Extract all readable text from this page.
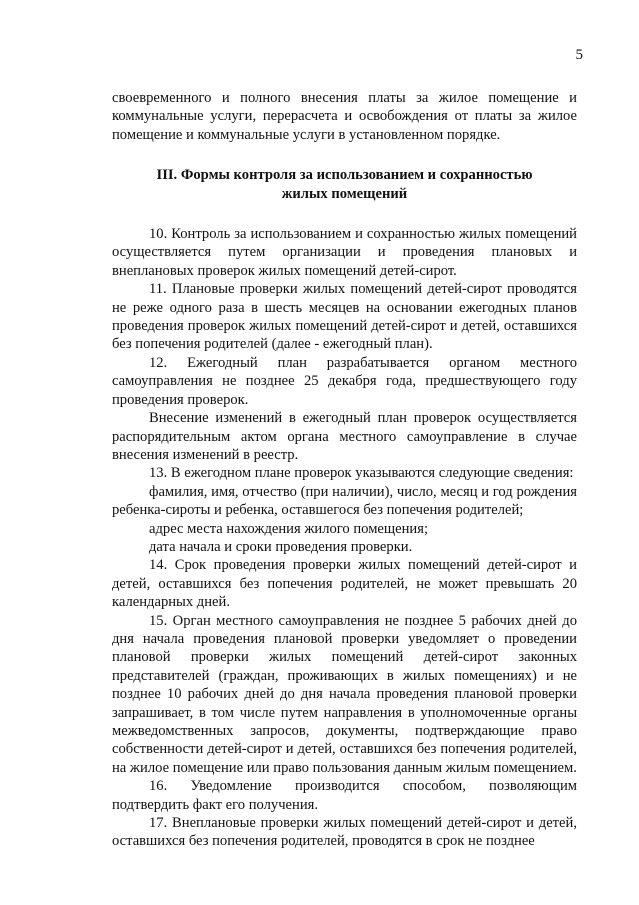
5

своевременного и полного внесения платы за жилое помещение и коммунальные услуги, перерасчета и освобождения от платы за жилое помещение и коммунальные услуги в установленном порядке.

III. Формы контроля за использованием и сохранностью
жилых помещений

10. Контроль за использованием и сохранностью жилых помещений осуществляется путем организации и проведения плановых и внеплановых проверок жилых помещений детей-сирот.

11. Плановые проверки жилых помещений детей-сирот проводятся не реже одного раза в шесть месяцев на основании ежегодных планов проведения проверок жилых помещений детей-сирот и детей, оставшихся без попечения родителей (далее - ежегодный план).

12. Ежегодный план разрабатывается органом местного самоуправления не позднее 25 декабря года, предшествующего году проведения проверок.

Внесение изменений в ежегодный план проверок осуществляется распорядительным актом органа местного самоуправление в случае внесения изменений в реестр.

13. В ежегодном плане проверок указываются следующие сведения:

фамилия, имя, отчество (при наличии), число, месяц и год рождения ребенка-сироты и ребенка, оставшегося без попечения родителей;

адрес места нахождения жилого помещения;

дата начала и сроки проведения проверки.

14. Срок проведения проверки жилых помещений детей-сирот и детей, оставшихся без попечения родителей, не может превышать 20 календарных дней.

15. Орган местного самоуправления не позднее 5 рабочих дней до дня начала проведения плановой проверки уведомляет о проведении плановой проверки жилых помещений детей-сирот законных представителей (граждан, проживающих в жилых помещениях) и не позднее 10 рабочих дней до дня начала проведения плановой проверки запрашивает, в том числе путем направления в уполномоченные органы межведомственных запросов, документы, подтверждающие право собственности детей-сирот и детей, оставшихся без попечения родителей, на жилое помещение или право пользования данным жилым помещением.

16. Уведомление производится способом, позволяющим подтвердить факт его получения.

17. Внеплановые проверки жилых помещений детей-сирот и детей, оставшихся без попечения родителей, проводятся в срок не позднее
